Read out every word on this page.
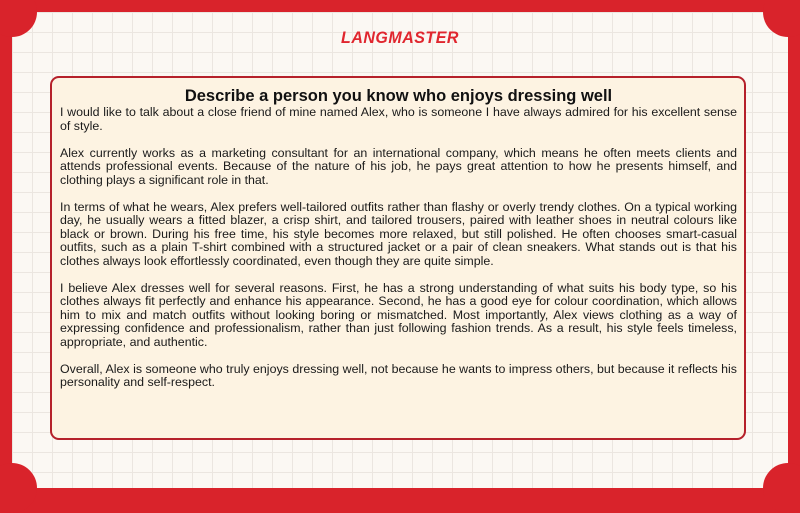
LANGMASTER
Describe a person you know who enjoys dressing well

I would like to talk about a close friend of mine named Alex, who is someone I have always admired for his excellent sense of style.

Alex currently works as a marketing consultant for an international company, which means he often meets clients and attends professional events. Because of the nature of his job, he pays great attention to how he presents himself, and clothing plays a significant role in that.

In terms of what he wears, Alex prefers well-tailored outfits rather than flashy or overly trendy clothes. On a typical working day, he usually wears a fitted blazer, a crisp shirt, and tailored trousers, paired with leather shoes in neutral colours like black or brown. During his free time, his style becomes more relaxed, but still polished. He often chooses smart-casual outfits, such as a plain T-shirt combined with a structured jacket or a pair of clean sneakers. What stands out is that his clothes always look effortlessly coordinated, even though they are quite simple.

I believe Alex dresses well for several reasons. First, he has a strong understanding of what suits his body type, so his clothes always fit perfectly and enhance his appearance. Second, he has a good eye for colour coordination, which allows him to mix and match outfits without looking boring or mismatched. Most importantly, Alex views clothing as a way of expressing confidence and professionalism, rather than just following fashion trends. As a result, his style feels timeless, appropriate, and authentic.

Overall, Alex is someone who truly enjoys dressing well, not because he wants to impress others, but because it reflects his personality and self-respect.
